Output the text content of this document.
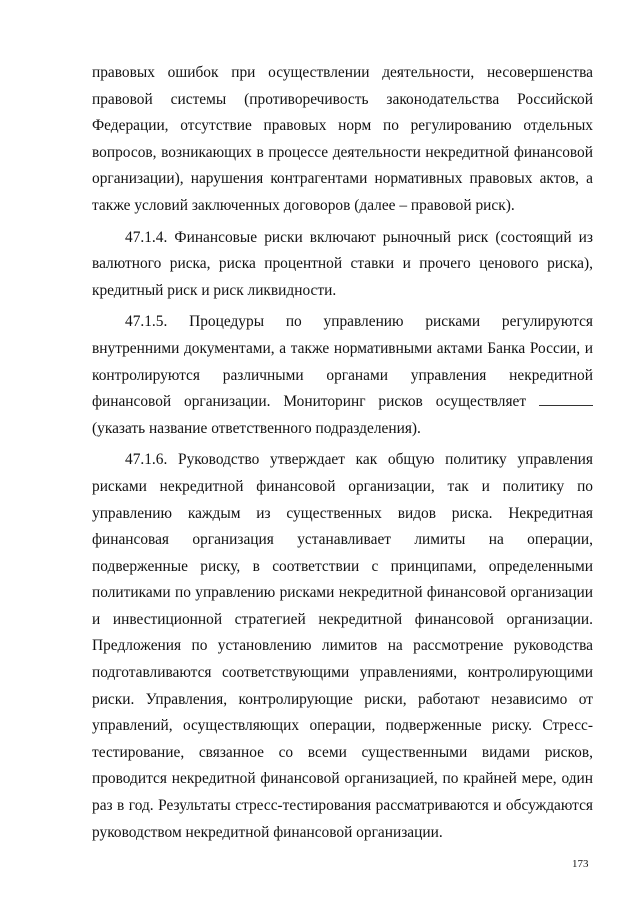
правовых ошибок при осуществлении деятельности, несовершенства правовой системы (противоречивость законодательства Российской Федерации, отсутствие правовых норм по регулированию отдельных вопросов, возникающих в процессе деятельности некредитной финансовой организации), нарушения контрагентами нормативных правовых актов, а также условий заключенных договоров (далее – правовой риск).

47.1.4. Финансовые риски включают рыночный риск (состоящий из валютного риска, риска процентной ставки и прочего ценового риска), кредитный риск и риск ликвидности.

47.1.5. Процедуры по управлению рисками регулируются внутренними документами, а также нормативными актами Банка России, и контролируются различными органами управления некредитной финансовой организации. Мониторинг рисков осуществляет  (указать название ответственного подразделения).

47.1.6. Руководство утверждает как общую политику управления рисками некредитной финансовой организации, так и политику по управлению каждым из существенных видов риска. Некредитная финансовая организация устанавливает лимиты на операции, подверженные риску, в соответствии с принципами, определенными политиками по управлению рисками некредитной финансовой организации и инвестиционной стратегией некредитной финансовой организации. Предложения по установлению лимитов на рассмотрение руководства подготавливаются соответствующими управлениями, контролирующими риски. Управления, контролирующие риски, работают независимо от управлений, осуществляющих операции, подверженные риску. Стресс-тестирование, связанное со всеми существенными видами рисков, проводится некредитной финансовой организацией, по крайней мере, один раз в год. Результаты стресс-тестирования рассматриваются и обсуждаются руководством некредитной финансовой организации.

173
